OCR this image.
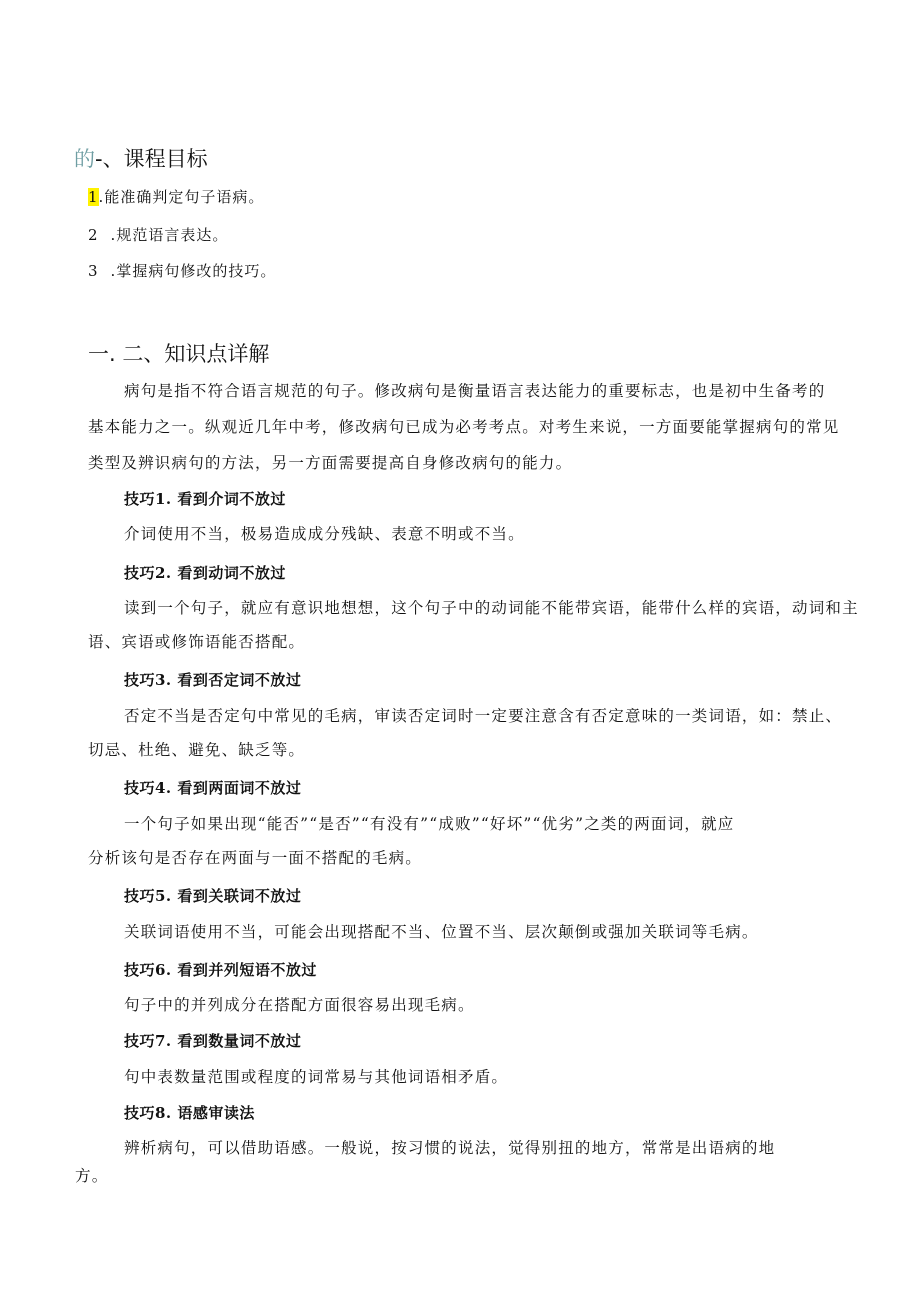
的-、课程目标
1.能准确判定句子语病。
2 .规范语言表达。
3 .掌握病句修改的技巧。
一. 二、知识点详解
病句是指不符合语言规范的句子。修改病句是衡量语言表达能力的重要标志，也是初中生备考的
基本能力之一。纵观近几年中考，修改病句已成为必考考点。对考生来说，一方面要能掌握病句的常见
类型及辨识病句的方法，另一方面需要提高自身修改病句的能力。
技巧1. 看到介词不放过
介词使用不当，极易造成成分残缺、表意不明或不当。
技巧2. 看到动词不放过
读到一个句子，就应有意识地想想，这个句子中的动词能不能带宾语，能带什么样的宾语，动词和主
语、宾语或修饰语能否搭配。
技巧3. 看到否定词不放过
否定不当是否定句中常见的毛病，审读否定词时一定要注意含有否定意味的一类词语，如：禁止、
切忌、杜绝、避免、缺乏等。
技巧4. 看到两面词不放过
一个句子如果出现“能否”“是否”“有没有”“成败”“好坏”“优劣”之类的两面词，就应
分析该句是否存在两面与一面不搭配的毛病。
技巧5. 看到关联词不放过
关联词语使用不当，可能会出现搭配不当、位置不当、层次颠倒或强加关联词等毛病。
技巧6. 看到并列短语不放过
句子中的并列成分在搭配方面很容易出现毛病。
技巧7. 看到数量词不放过
句中表数量范围或程度的词常易与其他词语相矛盾。
技巧8. 语感审读法
辨析病句，可以借助语感。一般说，按习惯的说法，觉得别扭的地方，常常是出语病的地
方。
